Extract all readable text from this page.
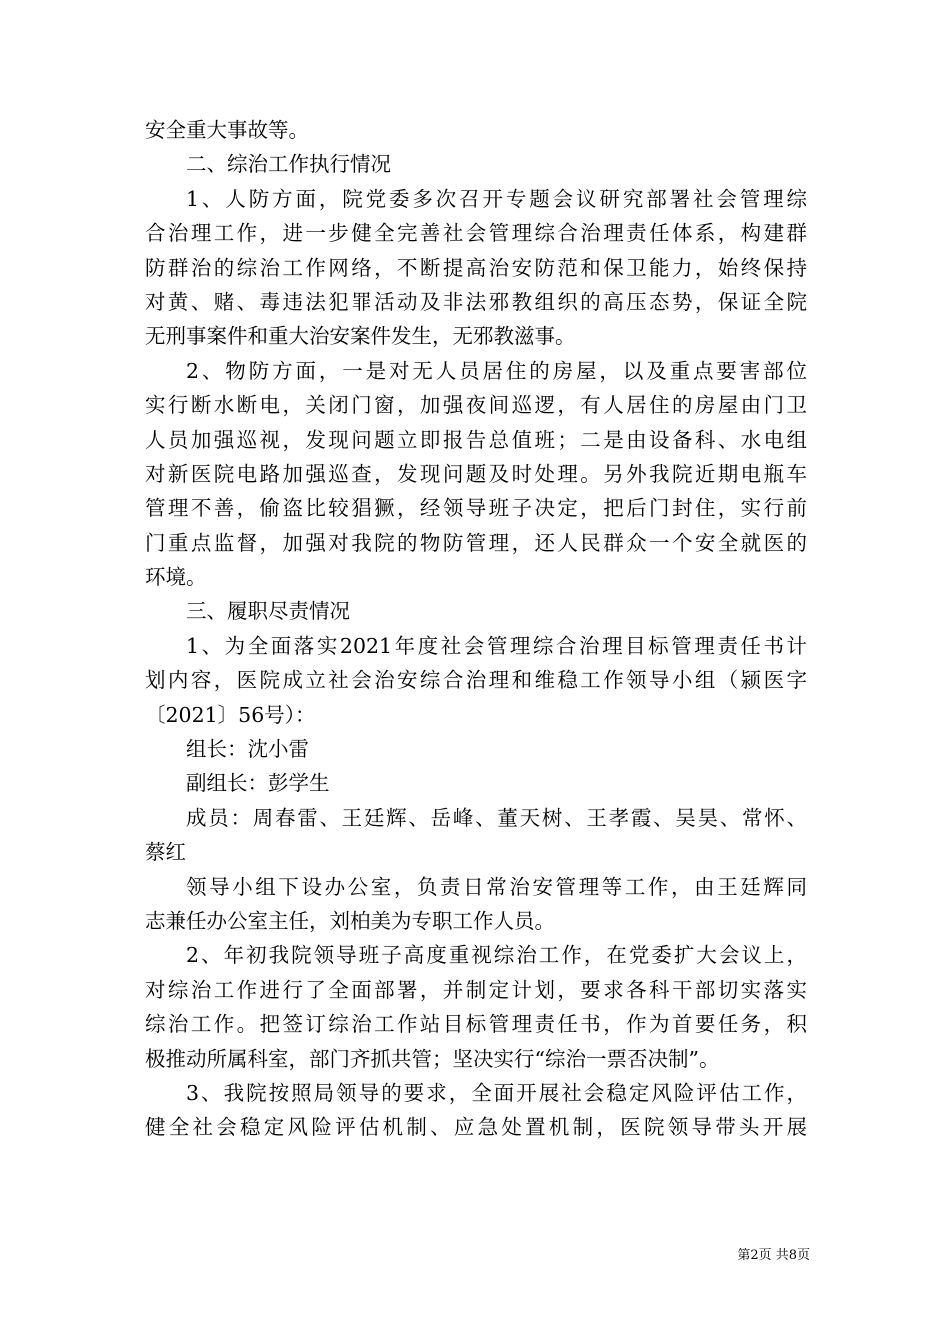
安全重大事故等。
二、综治工作执行情况
1、人防方面，院党委多次召开专题会议研究部署社会管理综
合治理工作，进一步健全完善社会管理综合治理责任体系，构建群
防群治的综治工作网络，不断提高治安防范和保卫能力，始终保持
对黄、赌、毒违法犯罪活动及非法邪教组织的高压态势，保证全院
无刑事案件和重大治安案件发生，无邪教滋事。
2、物防方面，一是对无人员居住的房屋，以及重点要害部位
实行断水断电，关闭门窗，加强夜间巡逻，有人居住的房屋由门卫
人员加强巡视，发现问题立即报告总值班；二是由设备科、水电组
对新医院电路加强巡查，发现问题及时处理。另外我院近期电瓶车
管理不善，偷盗比较猖獗，经领导班子决定，把后门封住，实行前
门重点监督，加强对我院的物防管理，还人民群众一个安全就医的
环境。
三、履职尽责情况
1、为全面落实2021年度社会管理综合治理目标管理责任书计
划内容，医院成立社会治安综合治理和维稳工作领导小组（颍医字
〔2021〕56号）：
组长：沈小雷
副组长：彭学生
成员：周春雷、王廷辉、岳峰、董天树、王孝霞、吴昊、常怀、
蔡红
领导小组下设办公室，负责日常治安管理等工作，由王廷辉同
志兼任办公室主任，刘柏美为专职工作人员。
2、年初我院领导班子高度重视综治工作，在党委扩大会议上，
对综治工作进行了全面部署，并制定计划，要求各科干部切实落实
综治工作。把签订综治工作站目标管理责任书，作为首要任务，积
极推动所属科室，部门齐抓共管；坚决实行“综治一票否决制”。
3、我院按照局领导的要求，全面开展社会稳定风险评估工作，
健全社会稳定风险评估机制、应急处置机制，医院领导带头开展
第2页 共8页
